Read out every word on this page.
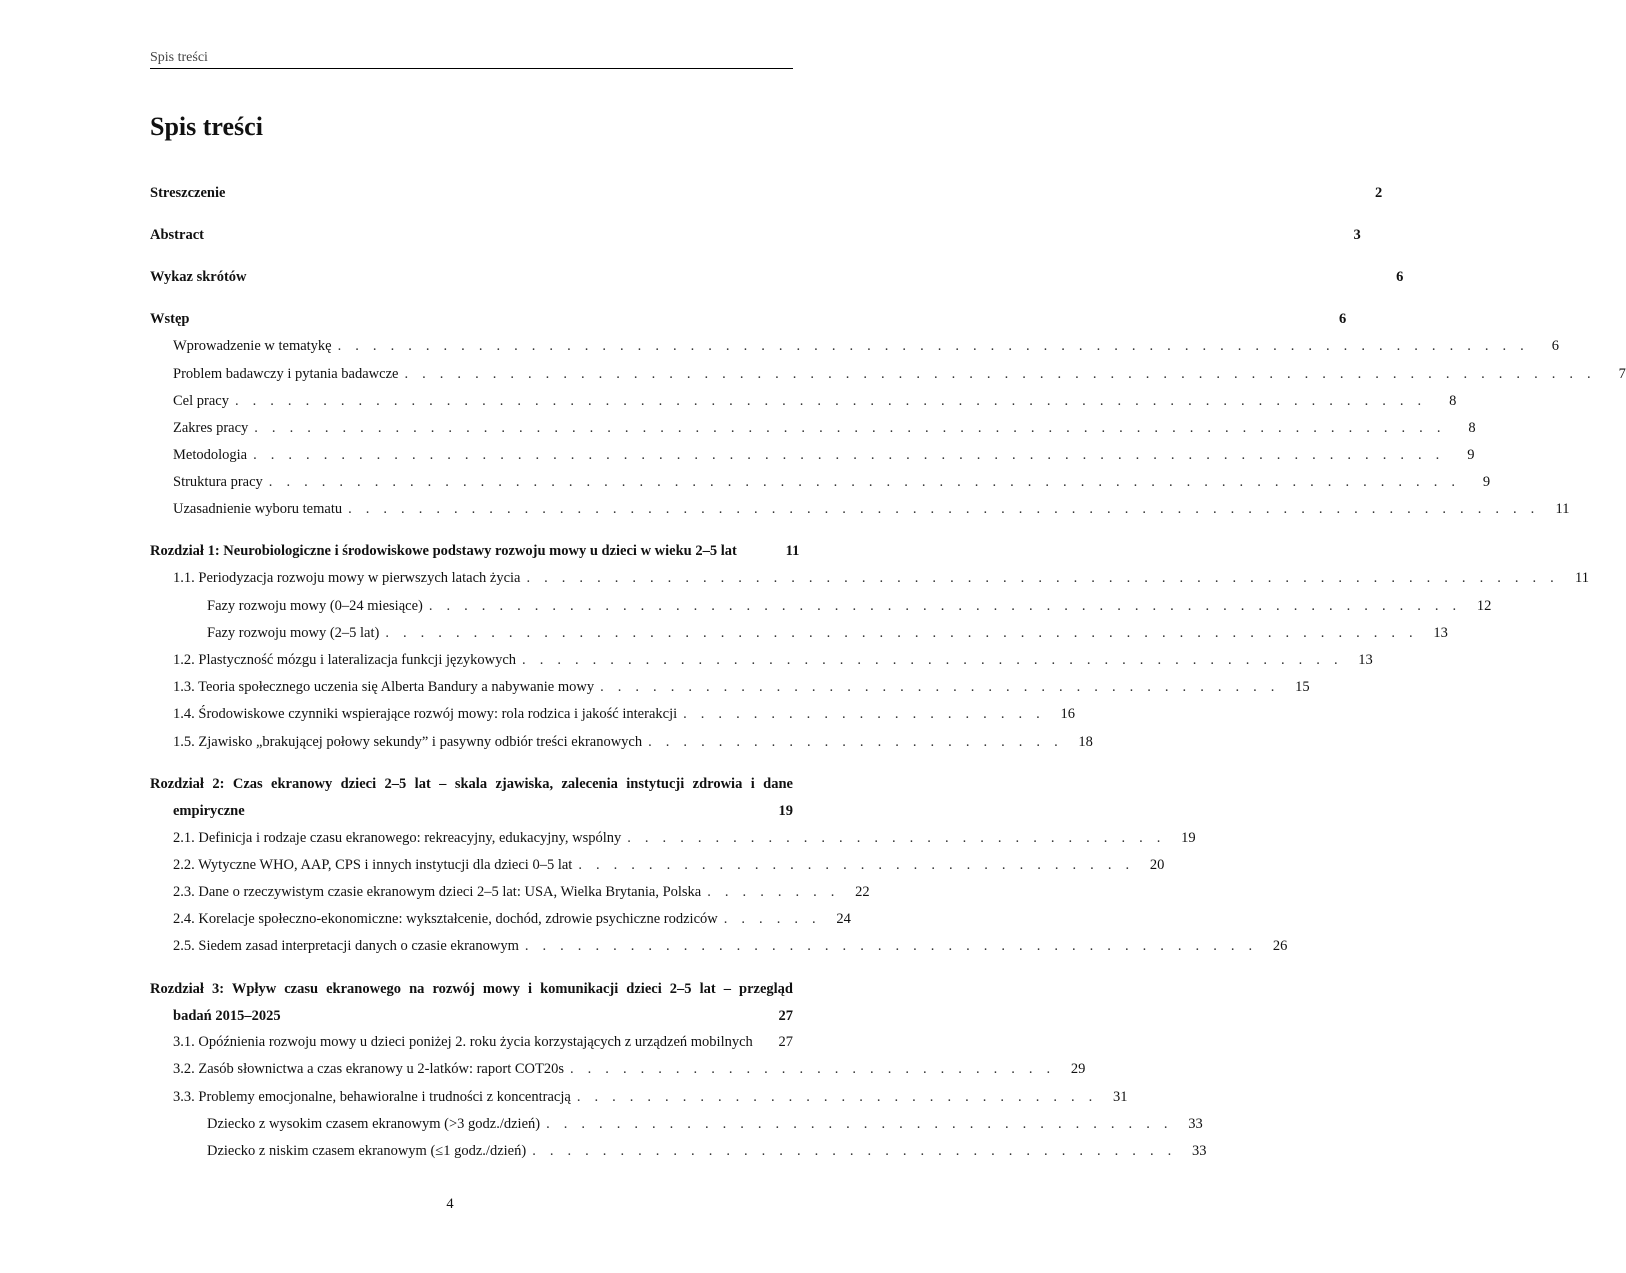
Spis treści
Spis treści
Streszczenie	2
Abstract	3
Wykaz skrótów	6
Wstęp	6
Wprowadzenie w tematykę . . . . . . . . . . . . . . . . . . . . . . . . . . . . . . . . . . . . . . . . . . . . . . . . . . . . . . . . . . . . . . . . . . . .	6
Problem badawczy i pytania badawcze . . . . . . . . . . . . . . . . . . . . . . . . . . . . . . . . . . . . . . . . . . . . . . . . . . . . . . . . . . . . . . . . . . . .	7
Cel pracy . . . . . . . . . . . . . . . . . . . . . . . . . . . . . . . . . . . . . . . . . . . . . . . . . . . . . . . . . . . . . . . . . . . .	8
Zakres pracy . . . . . . . . . . . . . . . . . . . . . . . . . . . . . . . . . . . . . . . . . . . . . . . . . . . . . . . . . . . . . . . . . . . .	8
Metodologia . . . . . . . . . . . . . . . . . . . . . . . . . . . . . . . . . . . . . . . . . . . . . . . . . . . . . . . . . . . . . . . . . . . .	9
Struktura pracy . . . . . . . . . . . . . . . . . . . . . . . . . . . . . . . . . . . . . . . . . . . . . . . . . . . . . . . . . . . . . . . . . . . .	9
Uzasadnienie wyboru tematu . . . . . . . . . . . . . . . . . . . . . . . . . . . . . . . . . . . . . . . . . . . . . . . . . . . . . . . . . . . . . . . . . . . .	11
Rozdział 1: Neurobiologiczne i środowiskowe podstawy rozwoju mowy u dzieci w wieku 2–5 lat	11
1.1. Periodyzacja rozwoju mowy w pierwszych latach życia . . . . . . . . . . . . . . . . . . . . . . . . . . . . . . . . . . . . . . . . . . . . . . . . . . . . . . . . . . .	11
Fazy rozwoju mowy (0–24 miesiące) . . . . . . . . . . . . . . . . . . . . . . . . . . . . . . . . . . . . . . . . . . . . . . . . . . . . . . . . . . .	12
Fazy rozwoju mowy (2–5 lat) . . . . . . . . . . . . . . . . . . . . . . . . . . . . . . . . . . . . . . . . . . . . . . . . . . . . . . . . . . .	13
1.2. Plastyczność mózgu i lateralizacja funkcji językowych . . . . . . . . . . . . . . . . . . . . . . . . . . . . . . . . . . . . . . . . . . . . . . .	13
1.3. Teoria społecznego uczenia się Alberta Bandury a nabywanie mowy . . . . . . . . . . . . . . . . . . . . . . . . . . . . . . . . . . . . . . .	15
1.4. Środowiskowe czynniki wspierające rozwój mowy: rola rodzica i jakość interakcji . . . . . . . . . . . . . . . . . . . . .	16
1.5. Zjawisko „brakującej połowy sekundy” i pasywny odbiór treści ekranowych . . . . . . . . . . . . . . . . . . . . . . . .	18
Rozdział 2: Czas ekranowy dzieci 2–5 lat – skala zjawiska, zalecenia instytucji zdrowia i dane
empiryczne	19
2.1. Definicja i rodzaje czasu ekranowego: rekreacyjny, edukacyjny, wspólny . . . . . . . . . . . . . . . . . . . . . . . . . . . . . . .	19
2.2. Wytyczne WHO, AAP, CPS i innych instytucji dla dzieci 0–5 lat . . . . . . . . . . . . . . . . . . . . . . . . . . . . . . . .	20
2.3. Dane o rzeczywistym czasie ekranowym dzieci 2–5 lat: USA, Wielka Brytania, Polska . . . . . . . .	22
2.4. Korelacje społeczno-ekonomiczne: wykształcenie, dochód, zdrowie psychiczne rodziców . . . . . .	24
2.5. Siedem zasad interpretacji danych o czasie ekranowym . . . . . . . . . . . . . . . . . . . . . . . . . . . . . . . . . . . . . . . . . .	26
Rozdział 3: Wpływ czasu ekranowego na rozwój mowy i komunikacji dzieci 2–5 lat – przegląd
badań 2015–2025	27
3.1. Opóźnienia rozwoju mowy u dzieci poniżej 2. roku życia korzystających z urządzeń mobilnych	27
3.2. Zasób słownictwa a czas ekranowy u 2-latków: raport COT20s . . . . . . . . . . . . . . . . . . . . . . . . . . . .	29
3.3. Problemy emocjonalne, behawioralne i trudności z koncentracją . . . . . . . . . . . . . . . . . . . . . . . . . . . . . .	31
Dziecko z wysokim czasem ekranowym (>3 godz./dzień) . . . . . . . . . . . . . . . . . . . . . . . . . . . . . . . . . . . .	33
Dziecko z niskim czasem ekranowym (≤1 godz./dzień) . . . . . . . . . . . . . . . . . . . . . . . . . . . . . . . . . . . . .	33
4
